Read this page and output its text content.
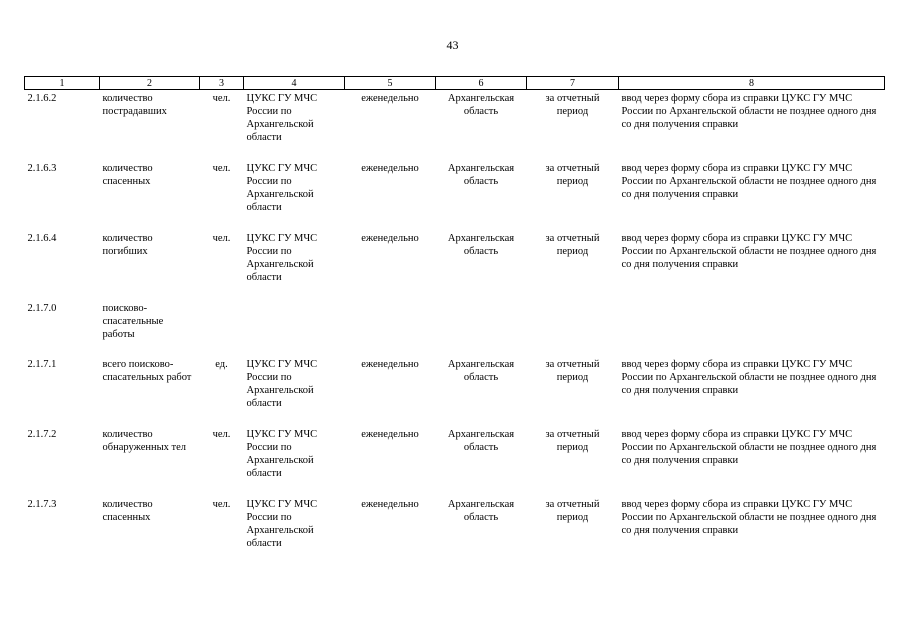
43
1	2	3	4	5	6	7	8
2.1.6.2	количество пострадавших	чел.	ЦУКС ГУ МЧС России по Архангельской области	еженедельно	Архангельская область	за отчетный период	ввод через форму сбора из справки ЦУКС ГУ МЧС России по Архангельской области не позднее одного дня со дня получения справки
2.1.6.3	количество спасенных	чел.	ЦУКС ГУ МЧС России по Архангельской области	еженедельно	Архангельская область	за отчетный период	ввод через форму сбора из справки ЦУКС ГУ МЧС России по Архангельской области не позднее одного дня со дня получения справки
2.1.6.4	количество погибших	чел.	ЦУКС ГУ МЧС России по Архангельской области	еженедельно	Архангельская область	за отчетный период	ввод через форму сбора из справки ЦУКС ГУ МЧС России по Архангельской области не позднее одного дня со дня получения справки
2.1.7.0	поисково-спасательные работы						
2.1.7.1	всего поисково-спасательных работ	ед.	ЦУКС ГУ МЧС России по Архангельской области	еженедельно	Архангельская область	за отчетный период	ввод через форму сбора из справки ЦУКС ГУ МЧС России по Архангельской области не позднее одного дня со дня получения справки
2.1.7.2	количество обнаруженных тел	чел.	ЦУКС ГУ МЧС России по Архангельской области	еженедельно	Архангельская область	за отчетный период	ввод через форму сбора из справки ЦУКС ГУ МЧС России по Архангельской области не позднее одного дня со дня получения справки
2.1.7.3	количество спасенных	чел.	ЦУКС ГУ МЧС России по Архангельской области	еженедельно	Архангельская область	за отчетный период	ввод через форму сбора из справки ЦУКС ГУ МЧС России по Архангельской области не позднее одного дня со дня получения справки
